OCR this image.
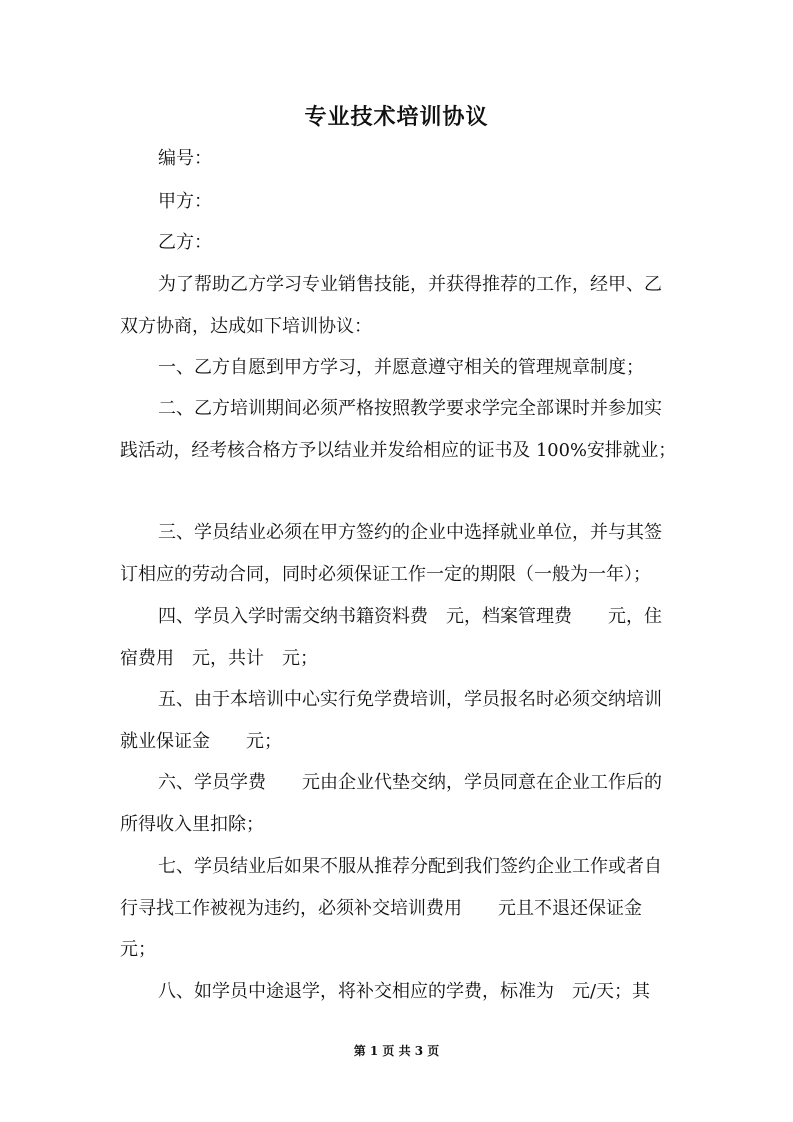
专业技术培训协议
编号：
甲方：
乙方：
为了帮助乙方学习专业销售技能，并获得推荐的工作，经甲、乙
双方协商，达成如下培训协议：
一、乙方自愿到甲方学习，并愿意遵守相关的管理规章制度；
二、乙方培训期间必须严格按照教学要求学完全部课时并参加实
践活动，经考核合格方予以结业并发给相应的证书及 100%安排就业；
三、学员结业必须在甲方签约的企业中选择就业单位，并与其签
订相应的劳动合同，同时必须保证工作一定的期限（一般为一年）；
四、学员入学时需交纳书籍资料费　元，档案管理费　　元，住
宿费用　元，共计　元；
五、由于本培训中心实行免学费培训，学员报名时必须交纳培训
就业保证金　　元；
六、学员学费　　元由企业代垫交纳，学员同意在企业工作后的
所得收入里扣除；
七、学员结业后如果不服从推荐分配到我们签约企业工作或者自
行寻找工作被视为违约，必须补交培训费用　　元且不退还保证金
元；
八、如学员中途退学，将补交相应的学费，标准为　元/天；其
第 1 页 共 3 页
